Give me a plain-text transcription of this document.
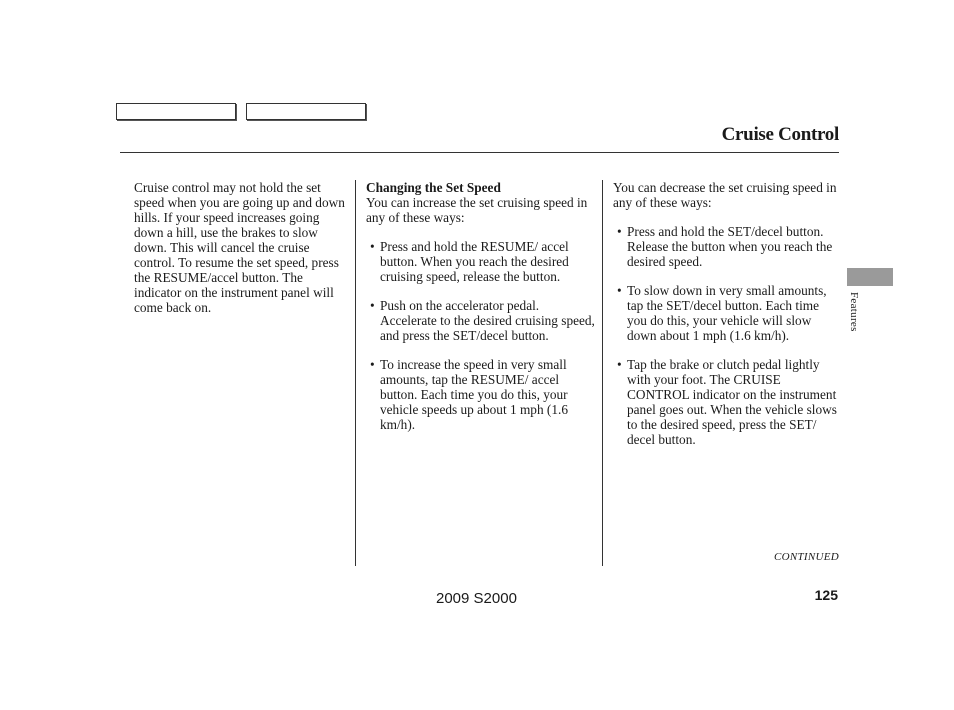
Cruise Control

Cruise control may not hold the set speed when you are going up and down hills. If your speed increases going down a hill, use the brakes to slow down. This will cancel the cruise control. To resume the set speed, press the RESUME/accel button. The indicator on the instrument panel will come back on.

Changing the Set Speed

You can increase the set cruising speed in any of these ways:

• Press and hold the RESUME/ accel button. When you reach the desired cruising speed, release the button.
• Push on the accelerator pedal. Accelerate to the desired cruising speed, and press the SET/decel button.
• To increase the speed in very small amounts, tap the RESUME/ accel button. Each time you do this, your vehicle speeds up about 1 mph (1.6 km/h).

You can decrease the set cruising speed in any of these ways:

• Press and hold the SET/decel button. Release the button when you reach the desired speed.
• To slow down in very small amounts, tap the SET/decel button. Each time you do this, your vehicle will slow down about 1 mph (1.6 km/h).
• Tap the brake or clutch pedal lightly with your foot. The CRUISE CONTROL indicator on the instrument panel goes out. When the vehicle slows to the desired speed, press the SET/ decel button.
Features
CONTINUED
2009 S2000	125
